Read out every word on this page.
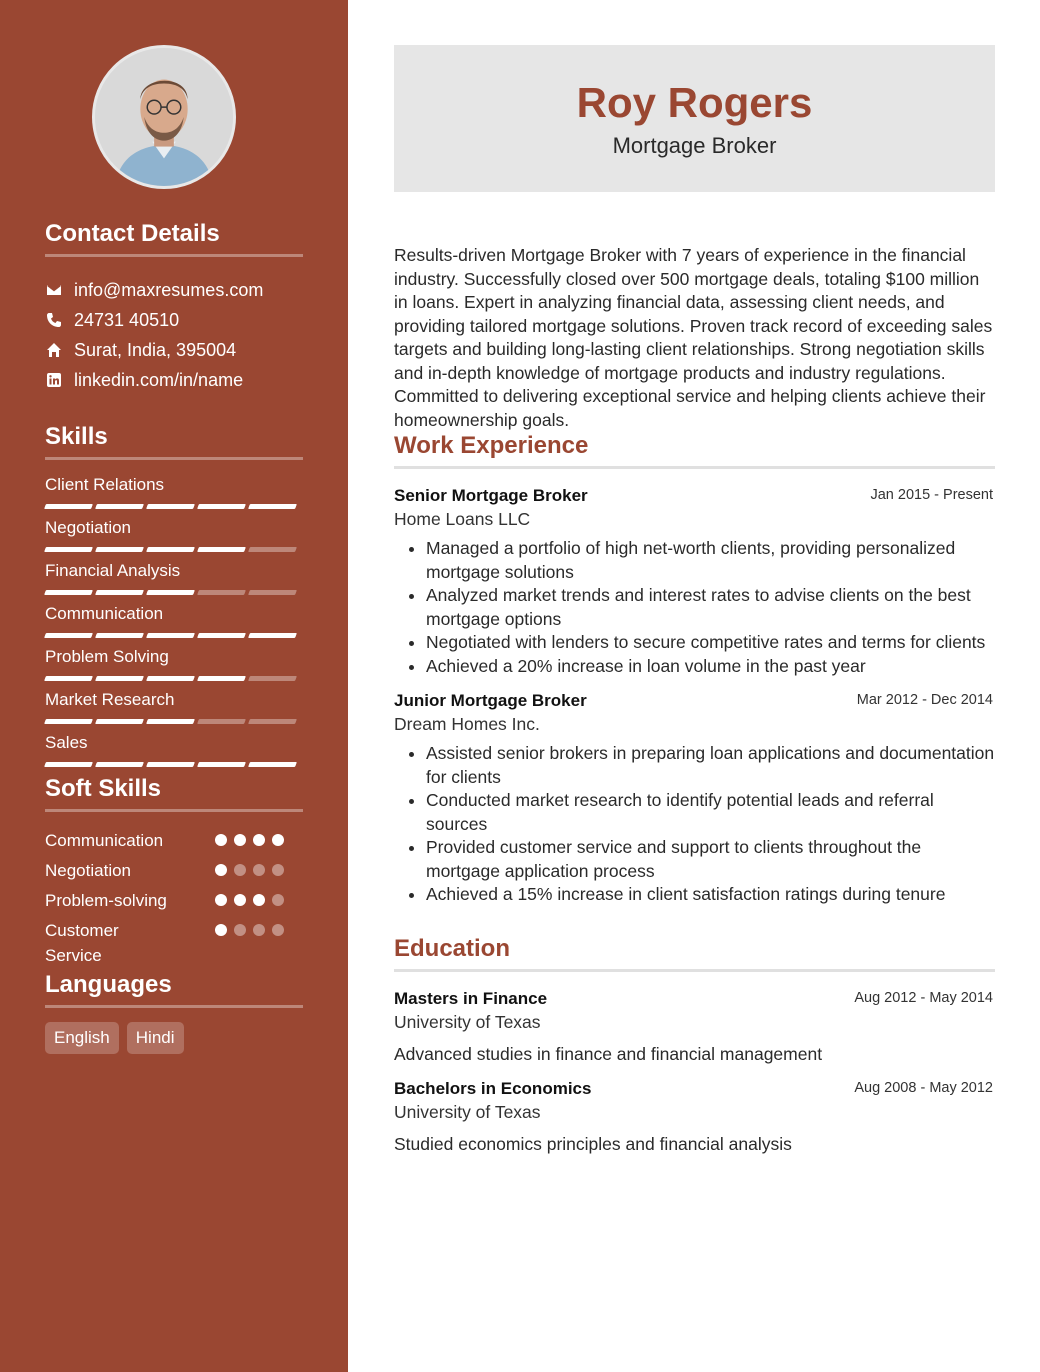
Contact Details
info@maxresumes.com
24731 40510
Surat, India, 395004
linkedin.com/in/name
Skills
Client Relations
Negotiation
Financial Analysis
Communication
Problem Solving
Market Research
Sales
Soft Skills
Communication
Negotiation
Problem-solving
Customer Service
Languages
English	Hindi
Roy Rogers
Mortgage Broker

Results-driven Mortgage Broker with 7 years of experience in the financial industry. Successfully closed over 500 mortgage deals, totaling $100 million in loans. Expert in analyzing financial data, assessing client needs, and providing tailored mortgage solutions. Proven track record of exceeding sales targets and building long-lasting client relationships. Strong negotiation skills and in-depth knowledge of mortgage products and industry regulations. Committed to delivering exceptional service and helping clients achieve their homeownership goals.

Work Experience
Senior Mortgage Broker	Jan 2015 - Present
Home Loans LLC
• Managed a portfolio of high net-worth clients, providing personalized mortgage solutions
• Analyzed market trends and interest rates to advise clients on the best mortgage options
• Negotiated with lenders to secure competitive rates and terms for clients
• Achieved a 20% increase in loan volume in the past year
Junior Mortgage Broker	Mar 2012 - Dec 2014
Dream Homes Inc.
• Assisted senior brokers in preparing loan applications and documentation for clients
• Conducted market research to identify potential leads and referral sources
• Provided customer service and support to clients throughout the mortgage application process
• Achieved a 15% increase in client satisfaction ratings during tenure
Education
Masters in Finance	Aug 2012 - May 2014
University of Texas
Advanced studies in finance and financial management
Bachelors in Economics	Aug 2008 - May 2012
University of Texas
Studied economics principles and financial analysis
